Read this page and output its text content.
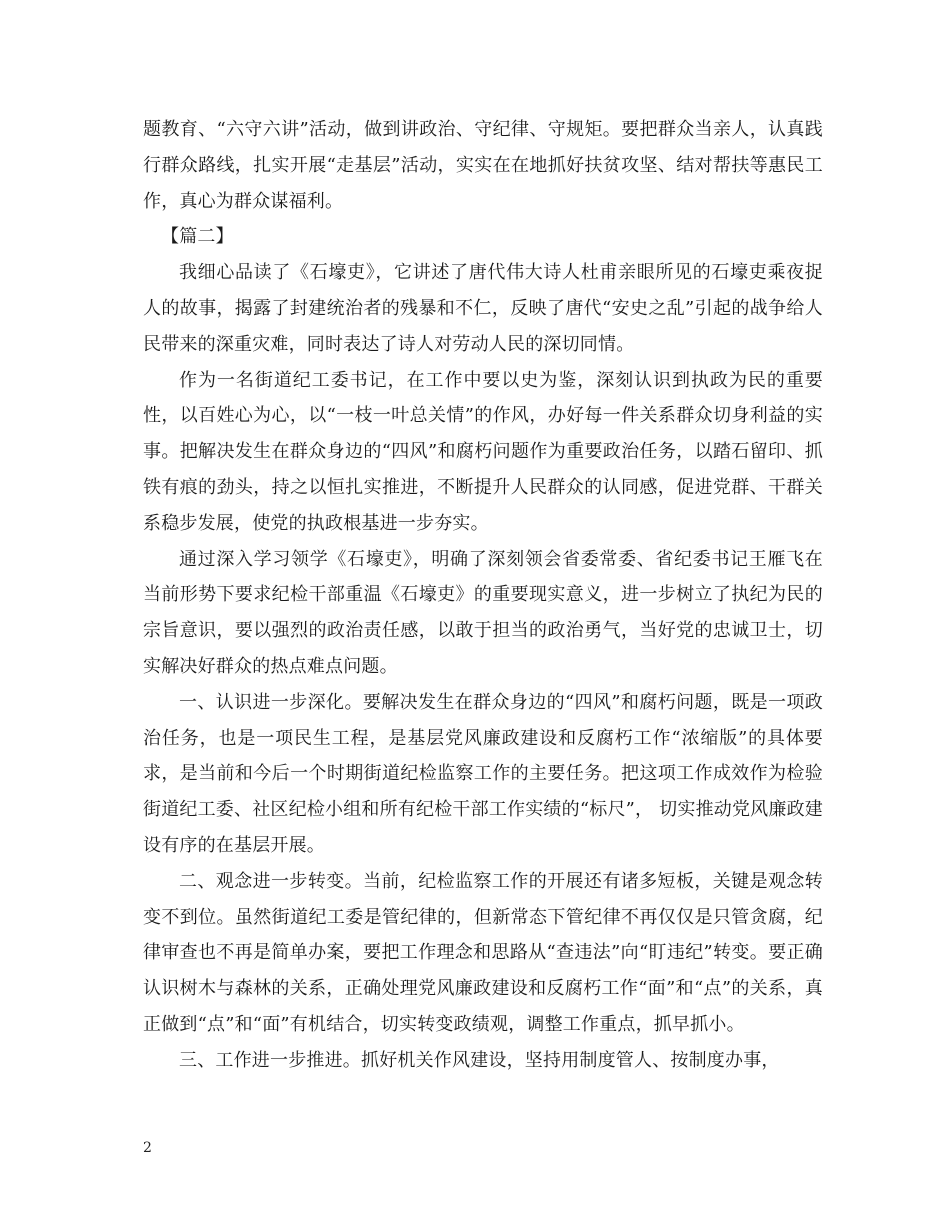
题教育、“六守六讲”活动，做到讲政治、守纪律、守规矩。要把群众当亲人，认真践行群众路线，扎实开展“走基层”活动，实实在在地抓好扶贫攻坚、结对帮扶等惠民工作，真心为群众谋福利。

【篇二】

我细心品读了《石壕吏》，它讲述了唐代伟大诗人杜甫亲眼所见的石壕吏乘夜捉人的故事，揭露了封建统治者的残暴和不仁，反映了唐代“安史之乱”引起的战争给人民带来的深重灾难，同时表达了诗人对劳动人民的深切同情。

作为一名街道纪工委书记，在工作中要以史为鉴，深刻认识到执政为民的重要性，以百姓心为心，以“一枝一叶总关情”的作风，办好每一件关系群众切身利益的实事。把解决发生在群众身边的“四风”和腐朽问题作为重要政治任务，以踏石留印、抓铁有痕的劲头，持之以恒扎实推进，不断提升人民群众的认同感，促进党群、干群关系稳步发展，使党的执政根基进一步夯实。

通过深入学习领学《石壕吏》，明确了深刻领会省委常委、省纪委书记王雁飞在当前形势下要求纪检干部重温《石壕吏》的重要现实意义，进一步树立了执纪为民的宗旨意识，要以强烈的政治责任感，以敢于担当的政治勇气，当好党的忠诚卫士，切实解决好群众的热点难点问题。

一、认识进一步深化。要解决发生在群众身边的“四风”和腐朽问题，既是一项政治任务，也是一项民生工程，是基层党风廉政建设和反腐朽工作“浓缩版”的具体要求，是当前和今后一个时期街道纪检监察工作的主要任务。把这项工作成效作为检验街道纪工委、社区纪检小组和所有纪检干部工作实绩的“标尺”， 切实推动党风廉政建设有序的在基层开展。

二、观念进一步转变。当前，纪检监察工作的开展还有诸多短板，关键是观念转变不到位。虽然街道纪工委是管纪律的，但新常态下管纪律不再仅仅是只管贪腐，纪律审查也不再是简单办案，要把工作理念和思路从“查违法”向“盯违纪”转变。要正确认识树木与森林的关系，正确处理党风廉政建设和反腐朽工作“面”和“点”的关系，真正做到“点”和“面”有机结合，切实转变政绩观，调整工作重点，抓早抓小。

三、工作进一步推进。抓好机关作风建设，坚持用制度管人、按制度办事，

2
